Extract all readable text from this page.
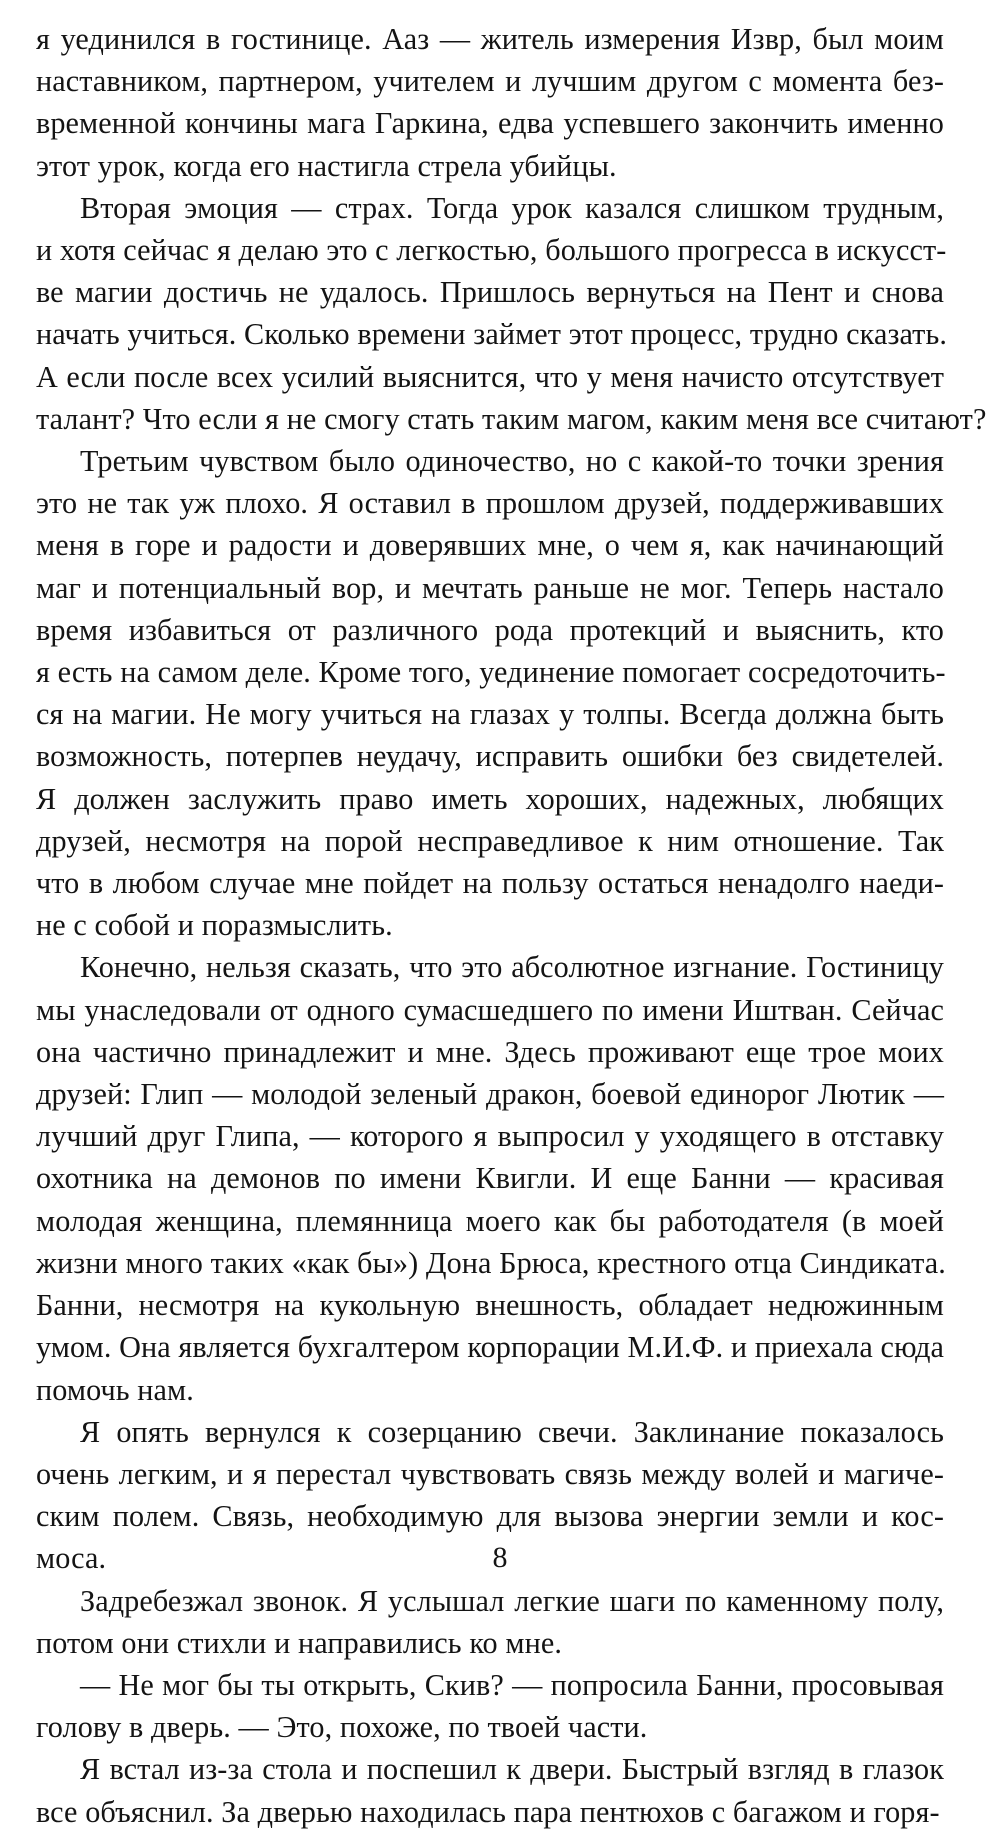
я уединился в гостинице. Ааз — житель измерения Извр, был моим
наставником, партнером, учителем и лучшим другом с момента без-
временной кончины мага Гаркина, едва успевшего закончить именно
этот урок, когда его настигла стрела убийцы.
Вторая эмоция — страх. Тогда урок казался слишком трудным,
и хотя сейчас я делаю это с легкостью, большого прогресса в искусст-
ве магии достичь не удалось. Пришлось вернуться на Пент и снова
начать учиться. Сколько времени займет этот процесс, трудно сказать.
А если после всех усилий выяснится, что у меня начисто отсутствует
талант? Что если я не смогу стать таким магом, каким меня все считают?
Третьим чувством было одиночество, но с какой-то точки зрения
это не так уж плохо. Я оставил в прошлом друзей, поддерживавших
меня в горе и радости и доверявших мне, о чем я, как начинающий
маг и потенциальный вор, и мечтать раньше не мог. Теперь настало
время избавиться от различного рода протекций и выяснить, кто
я есть на самом деле. Кроме того, уединение помогает сосредоточить-
ся на магии. Не могу учиться на глазах у толпы. Всегда должна быть
возможность, потерпев неудачу, исправить ошибки без свидетелей.
Я должен заслужить право иметь хороших, надежных, любящих
друзей, несмотря на порой несправедливое к ним отношение. Так
что в любом случае мне пойдет на пользу остаться ненадолго наеди-
не с собой и поразмыслить.
Конечно, нельзя сказать, что это абсолютное изгнание. Гостиницу
мы унаследовали от одного сумасшедшего по имени Иштван. Сейчас
она частично принадлежит и мне. Здесь проживают еще трое моих
друзей: Глип — молодой зеленый дракон, боевой единорог Лютик —
лучший друг Глипа, — которого я выпросил у уходящего в отставку
охотника на демонов по имени Квигли. И еще Банни — красивая
молодая женщина, племянница моего как бы работодателя (в моей
жизни много таких «как бы») Дона Брюса, крестного отца Синдиката.
Банни, несмотря на кукольную внешность, обладает недюжинным
умом. Она является бухгалтером корпорации М.И.Ф. и приехала сюда
помочь нам.
Я опять вернулся к созерцанию свечи. Заклинание показалось
очень легким, и я перестал чувствовать связь между волей и магиче-
ским полем. Связь, необходимую для вызова энергии земли и кос-
моса.
Задребезжал звонок. Я услышал легкие шаги по каменному полу,
потом они стихли и направились ко мне.
— Не мог бы ты открыть, Скив? — попросила Банни, просовывая
голову в дверь. — Это, похоже, по твоей части.
Я встал из-за стола и поспешил к двери. Быстрый взгляд в глазок
все объяснил. За дверью находилась пара пентюхов с багажом и горя-
8
